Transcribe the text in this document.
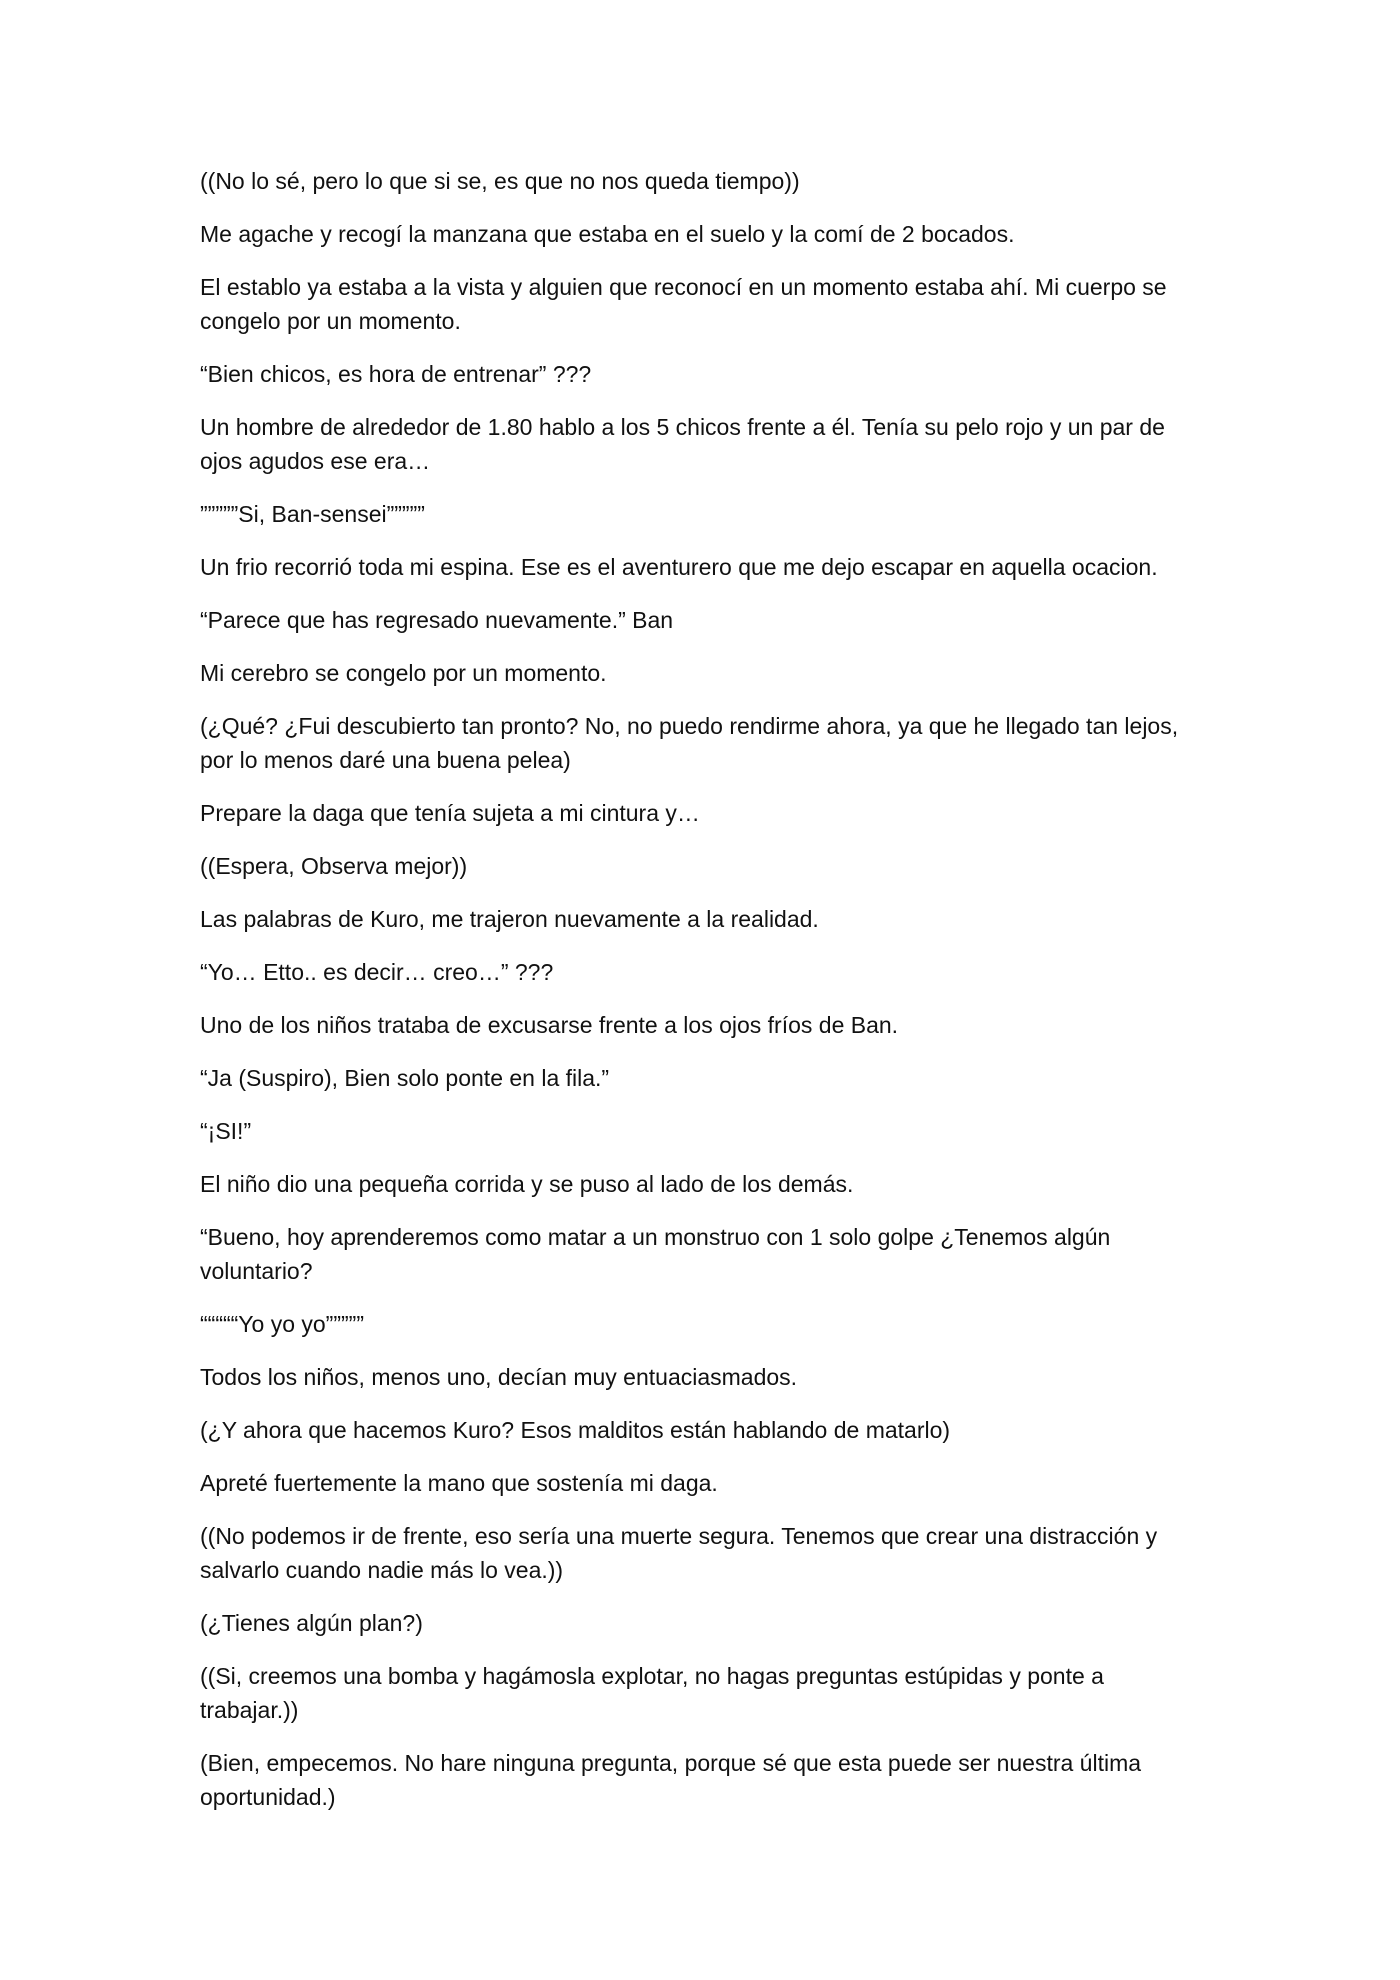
((No lo sé, pero lo que si se, es que no nos queda tiempo))

Me agache y recogí la manzana que estaba en el suelo y la comí de 2 bocados.

El establo ya estaba a la vista y alguien que reconocí en un momento estaba ahí. Mi cuerpo se congelo por un momento.

“Bien chicos, es hora de entrenar” ???

Un hombre de alrededor de 1.80 hablo a los 5 chicos frente a él. Tenía su pelo rojo y un par de ojos agudos ese era…

”””””Si, Ban-sensei”””””

Un frio recorrió toda mi espina. Ese es el aventurero que me dejo escapar en aquella ocacion.

“Parece que has regresado nuevamente.” Ban

Mi cerebro se congelo por un momento.

(¿Qué? ¿Fui descubierto tan pronto? No, no puedo rendirme ahora, ya que he llegado tan lejos, por lo menos daré una buena pelea)

Prepare la daga que tenía sujeta a mi cintura y…

((Espera, Observa mejor))

Las palabras de Kuro, me trajeron nuevamente a la realidad.

“Yo… Etto.. es decir… creo…” ???

Uno de los niños trataba de excusarse frente a los ojos fríos de Ban.

“Ja (Suspiro), Bien solo ponte en la fila.”

“¡SI!”

El niño dio una pequeña corrida y se puso al lado de los demás.

“Bueno, hoy aprenderemos como matar a un monstruo con 1 solo golpe ¿Tenemos algún voluntario?

“““““Yo yo yo”””””

Todos los niños, menos uno, decían muy entuaciasmados.

(¿Y ahora que hacemos Kuro? Esos malditos están hablando de matarlo)

Apreté fuertemente la mano que sostenía mi daga.

((No podemos ir de frente, eso sería una muerte segura. Tenemos que crear una distracción y salvarlo cuando nadie más lo vea.))

(¿Tienes algún plan?)

((Si, creemos una bomba y hagámosla explotar, no hagas preguntas estúpidas y ponte a trabajar.))

(Bien, empecemos. No hare ninguna pregunta, porque sé que esta puede ser nuestra última oportunidad.)
